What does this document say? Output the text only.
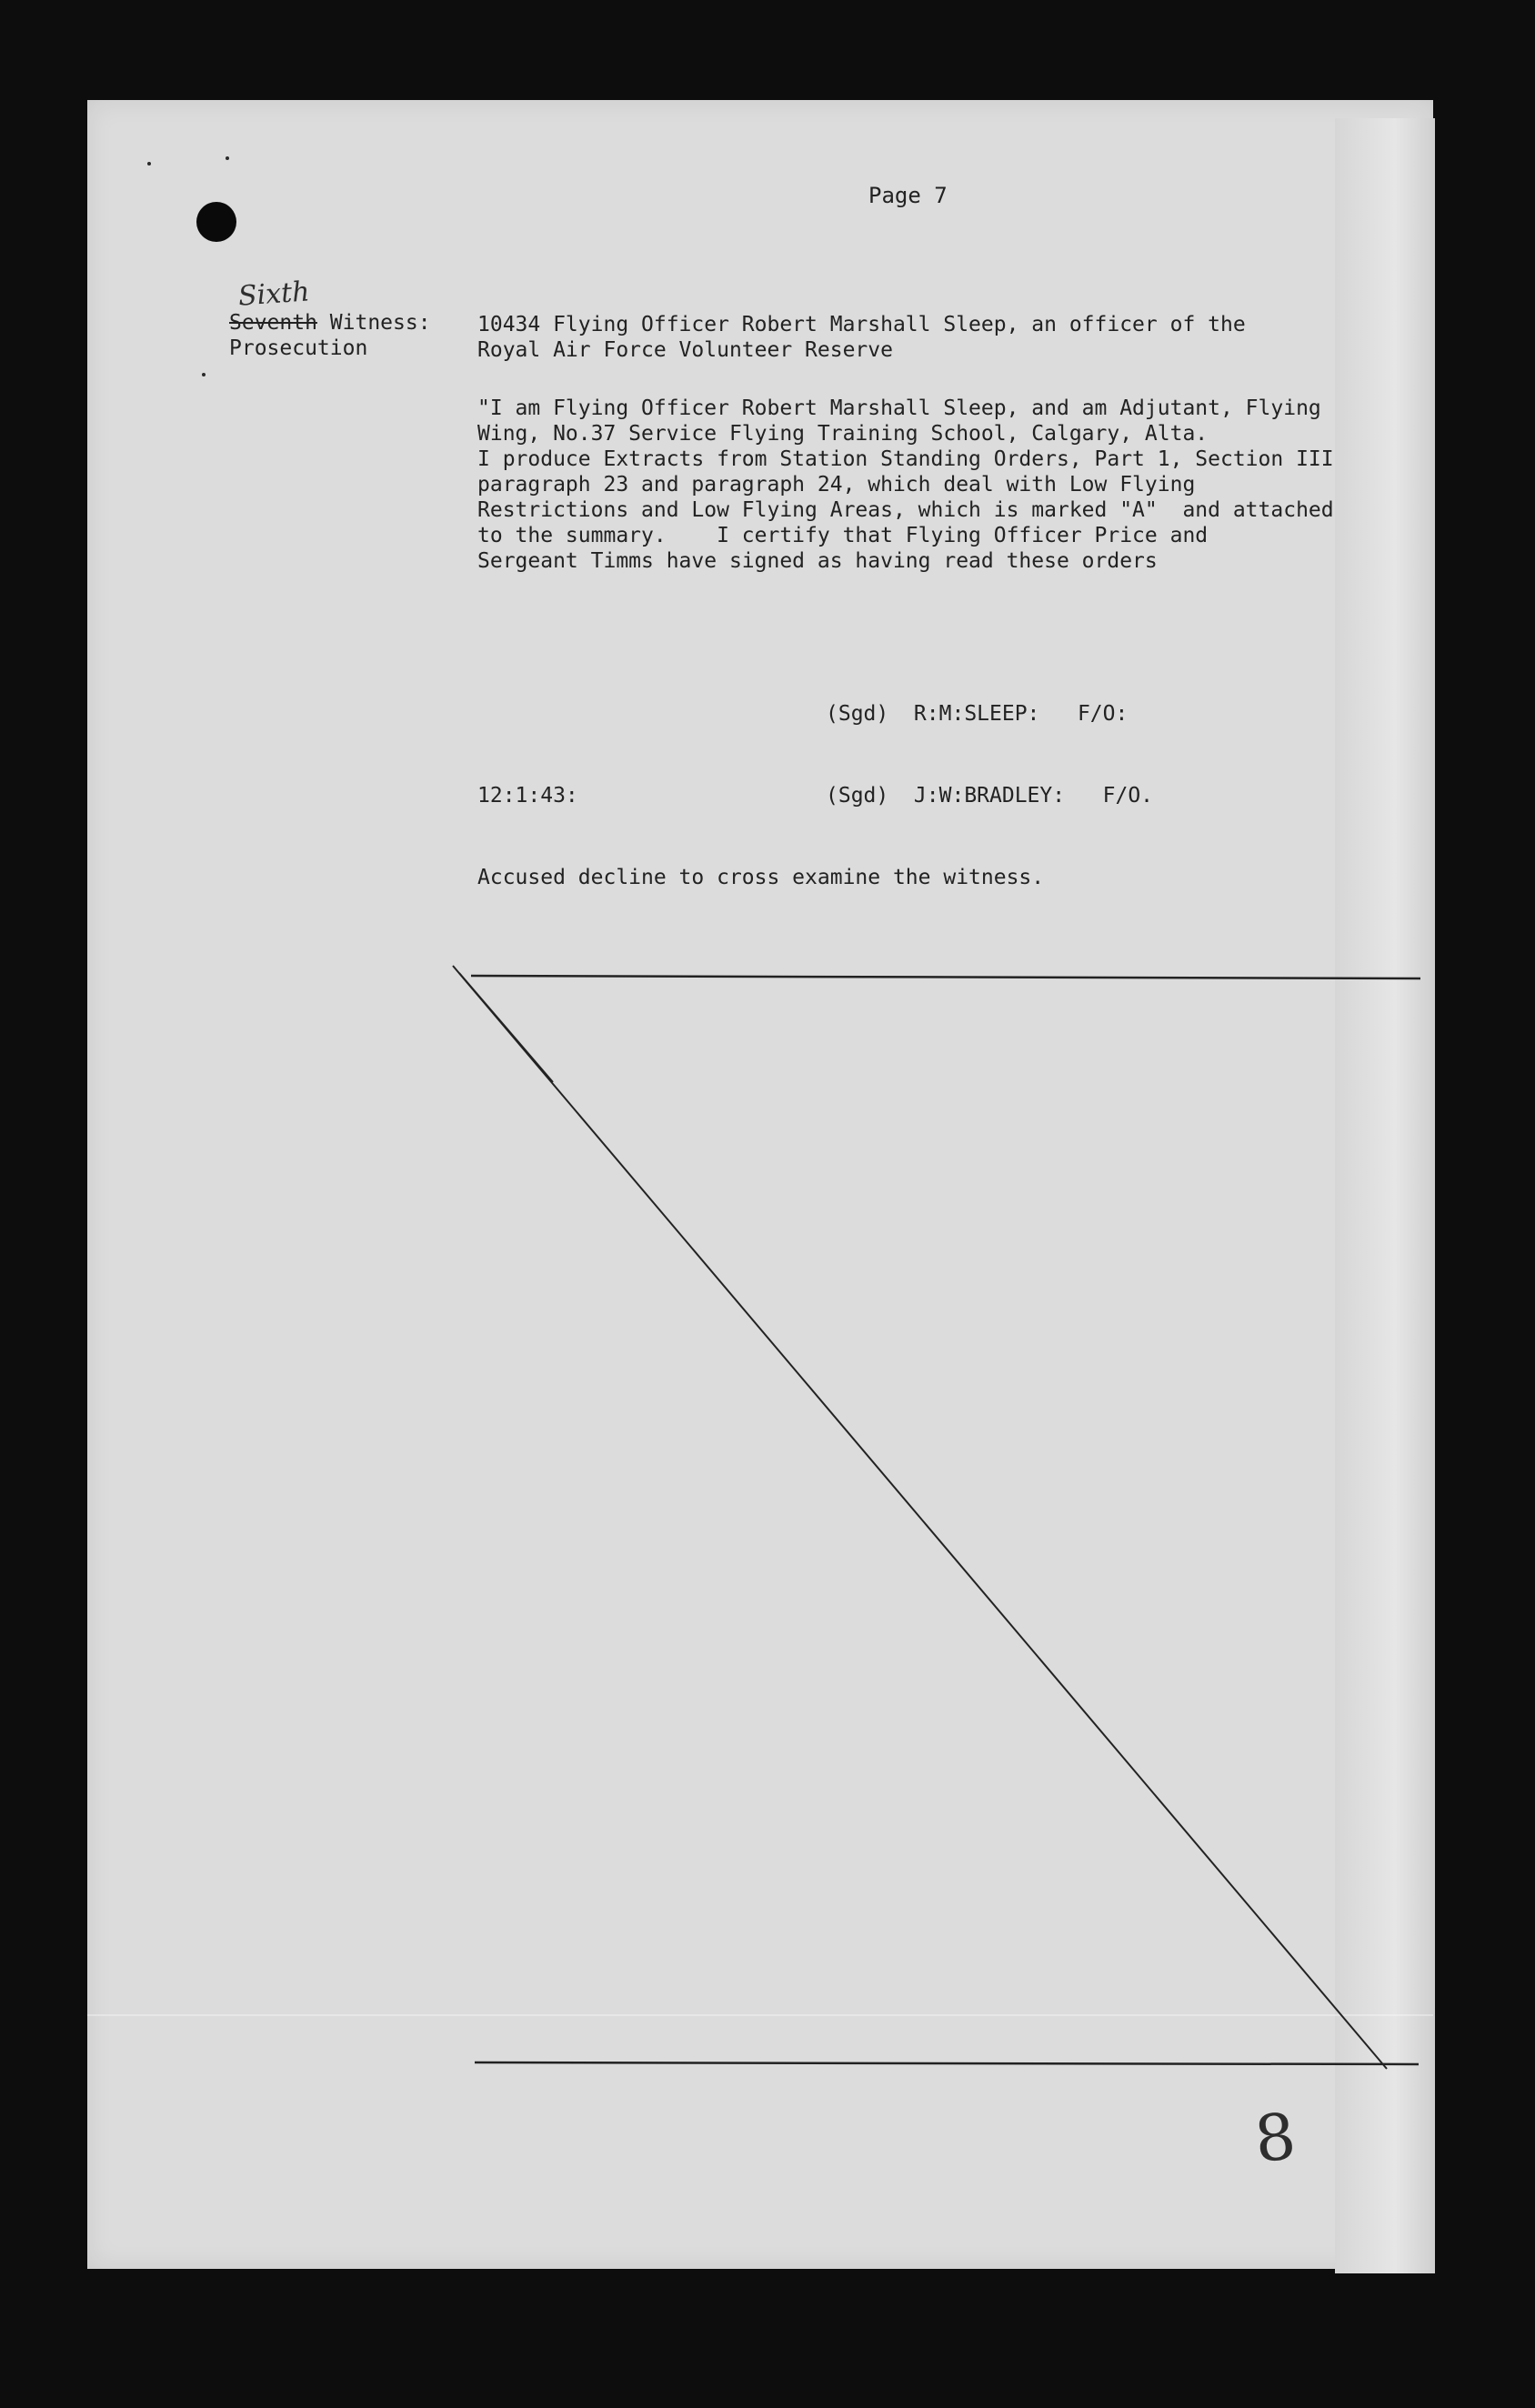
Page 7
Sixth
Seventh Witness:
Prosecution
10434 Flying Officer Robert Marshall Sleep, an officer of the
Royal Air Force Volunteer Reserve
"I am Flying Officer Robert Marshall Sleep, and am Adjutant, Flying
Wing, No.37 Service Flying Training School, Calgary, Alta.
I produce Extracts from Station Standing Orders, Part 1, Section III
paragraph 23 and paragraph 24, which deal with Low Flying
Restrictions and Low Flying Areas, which is marked "A"  and attached
to the summary.    I certify that Flying Officer Price and
Sergeant Timms have signed as having read these orders
(Sgd)  R:M:SLEEP:   F/O:
12:1:43:	(Sgd)  J:W:BRADLEY:   F/O.
Accused decline to cross examine the witness.
8
